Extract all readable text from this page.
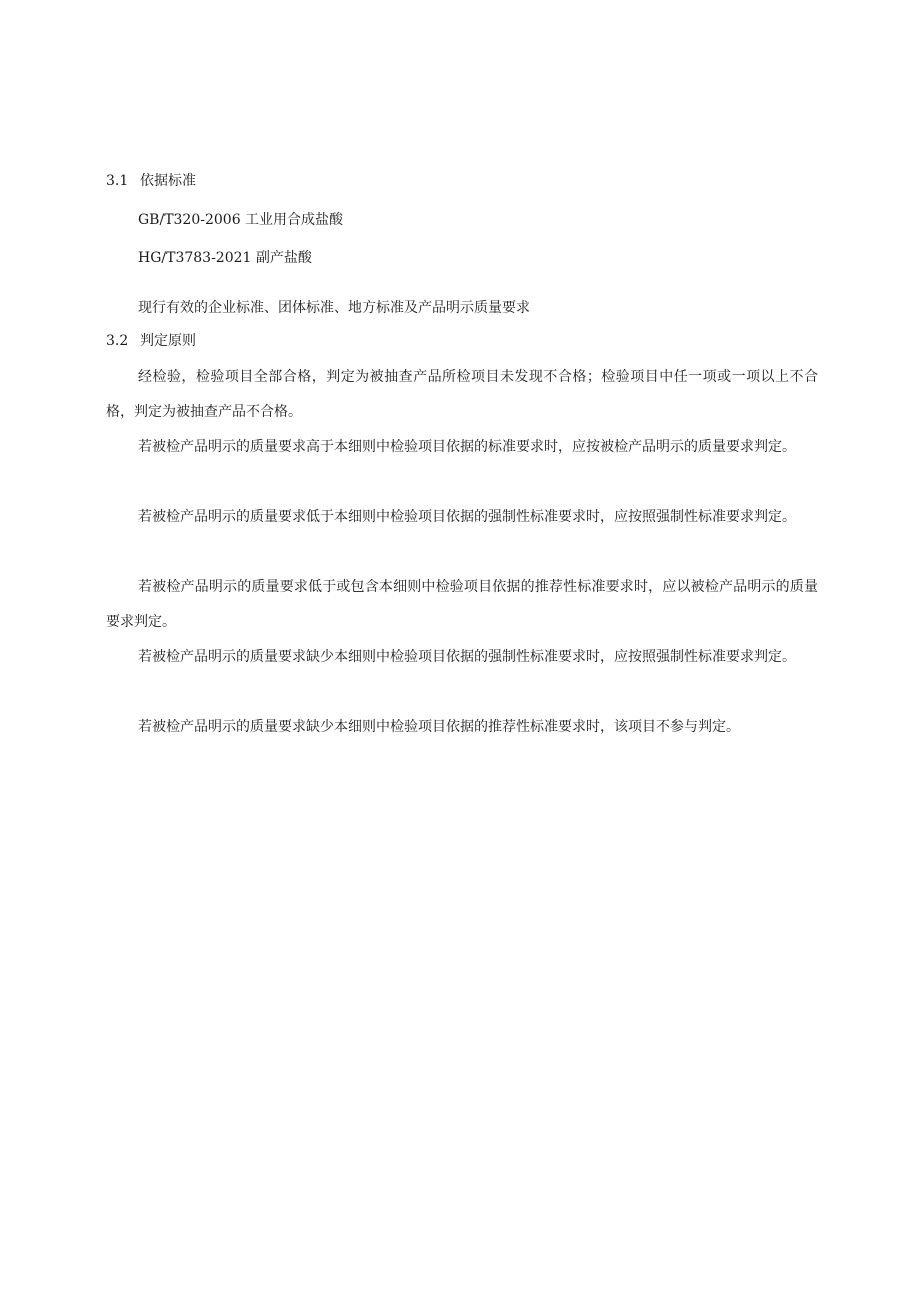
3.1 依据标准
GB/T320-2006 工业用合成盐酸
HG/T3783-2021 副产盐酸
现行有效的企业标准、团体标准、地方标准及产品明示质量要求
3.2 判定原则
经检验，检验项目全部合格，判定为被抽查产品所检项目未发现不合格；检验项目中任一项或一项以上不合格，判定为被抽查产品不合格。
若被检产品明示的质量要求高于本细则中检验项目依据的标准要求时，应按被检产品明示的质量要求判定。
若被检产品明示的质量要求低于本细则中检验项目依据的强制性标准要求时，应按照强制性标准要求判定。
若被检产品明示的质量要求低于或包含本细则中检验项目依据的推荐性标准要求时，应以被检产品明示的质量要求判定。
若被检产品明示的质量要求缺少本细则中检验项目依据的强制性标准要求时，应按照强制性标准要求判定。
若被检产品明示的质量要求缺少本细则中检验项目依据的推荐性标准要求时，该项目不参与判定。
